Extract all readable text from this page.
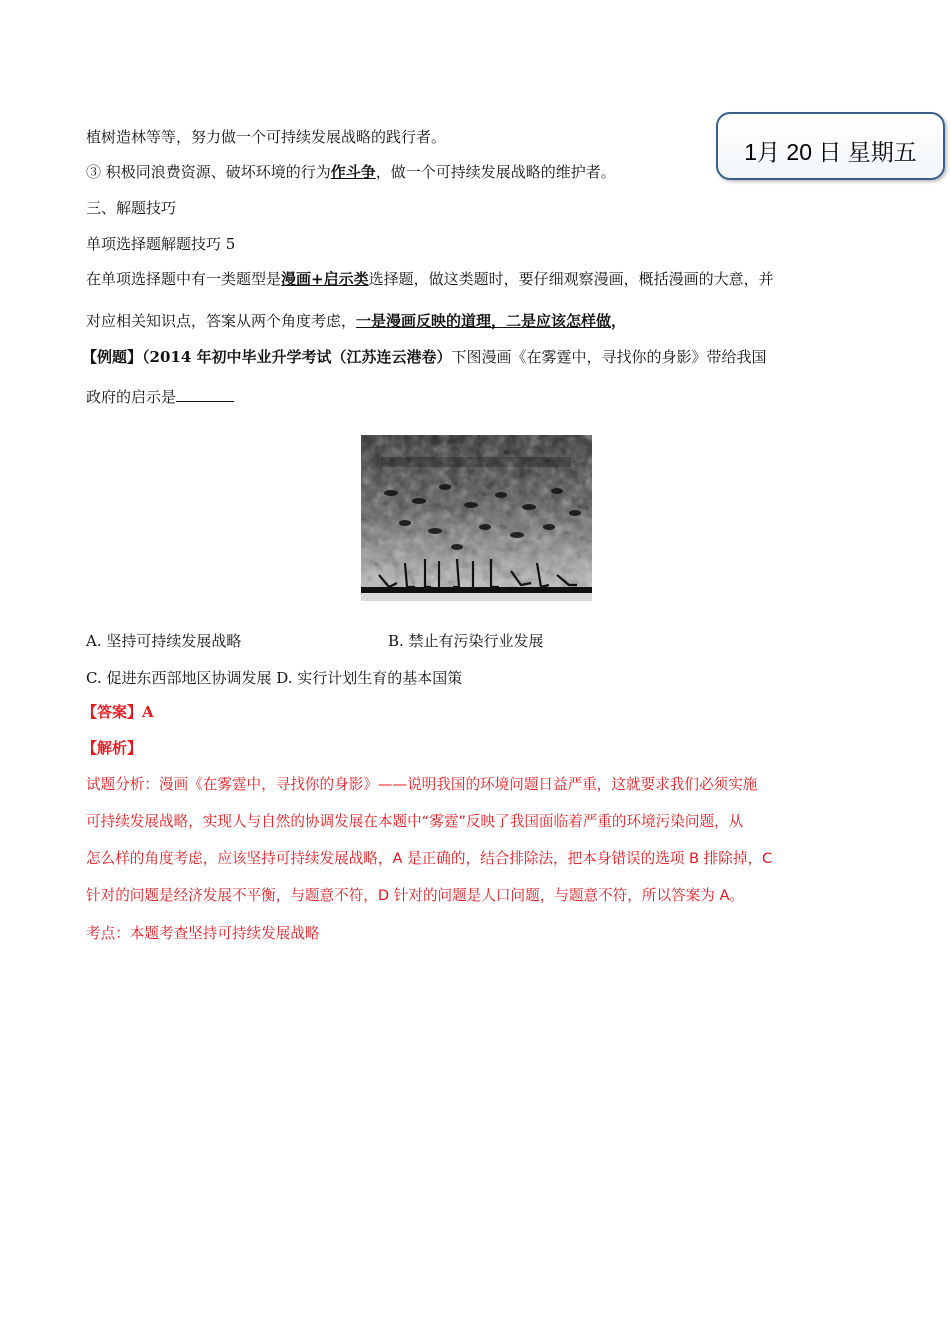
1月 20 日 星期五
植树造林等等，努力做一个可持续发展战略的践行者。
③ 积极同浪费资源、破坏环境的行为作斗争，做一个可持续发展战略的维护者。
三、解题技巧
单项选择题解题技巧 5
在单项选择题中有一类题型是漫画+启示类选择题，做这类题时，要仔细观察漫画，概括漫画的大意，并
对应相关知识点，答案从两个角度考虑，一是漫画反映的道理，二是应该怎样做，
【例题】（2014 年初中毕业升学考试（江苏连云港卷）下图漫画《在雾霆中，寻找你的身影》带给我国
政府的启示是
A. 坚持可持续发展战略	B. 禁止有污染行业发展
C. 促进东西部地区协调发展 D. 实行计划生育的基本国策
【答案】A
【解析】
试题分析：漫画《在雾霆中，寻找你的身影》——说明我国的环境问题日益严重，这就要求我们必须实施
可持续发展战略，实现人与自然的协调发展在本题中“雾霆”反映了我国面临着严重的环境污染问题，从
怎么样的角度考虑，应该坚持可持续发展战略，A 是正确的，结合排除法，把本身错误的选项 B 排除掉，C
针对的问题是经济发展不平衡，与题意不符，D 针对的问题是人口问题，与题意不符，所以答案为 A。
考点：本题考查坚持可持续发展战略
